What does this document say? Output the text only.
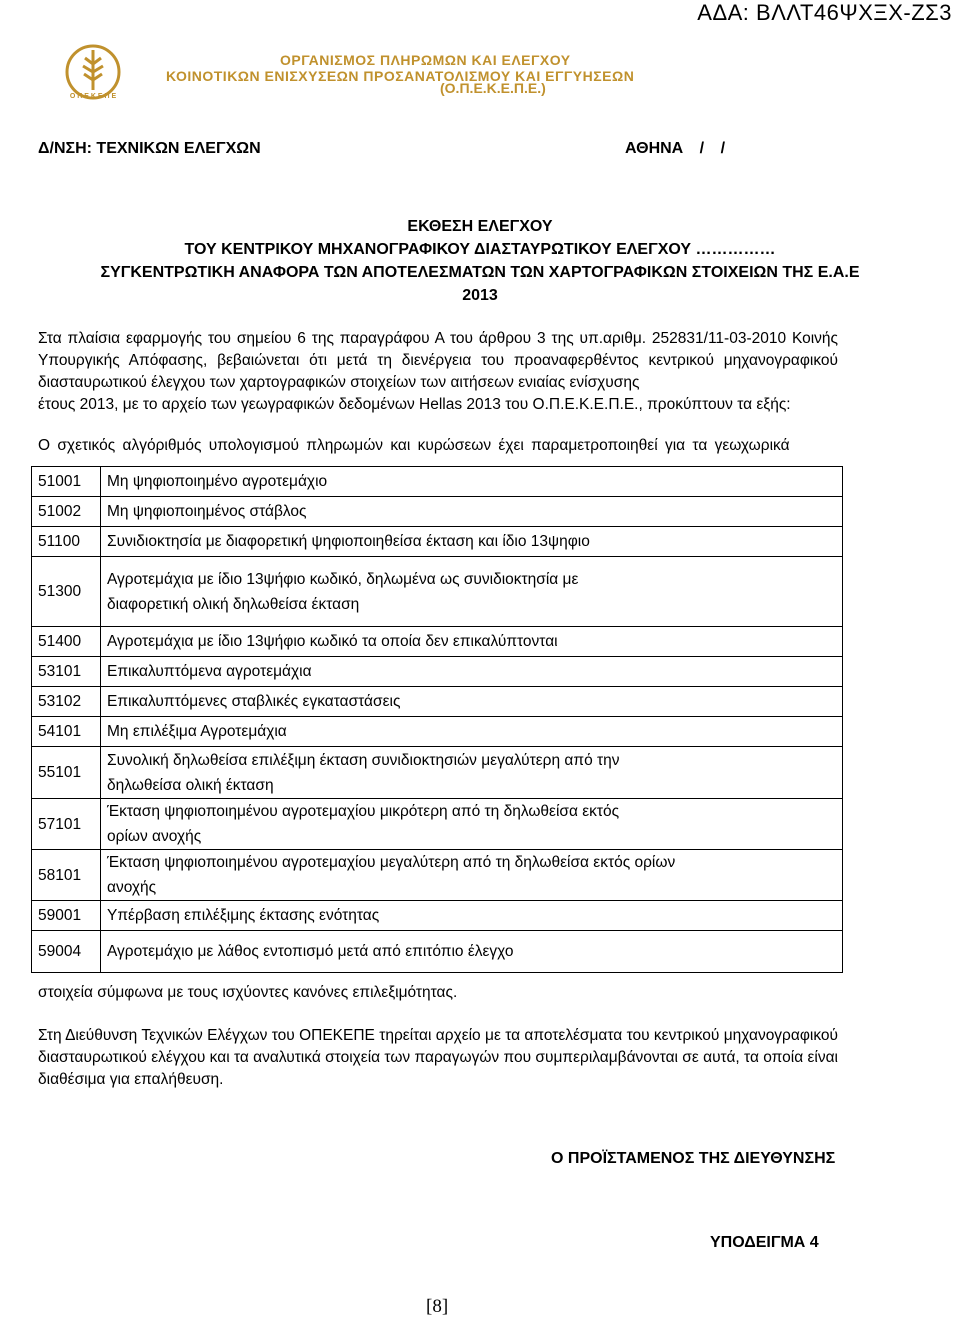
ΑΔΑ: ΒΛΛΤ46ΨΧΞΧ-ΖΣ3
Ο Π Ε Κ Ε Π Ε
ΟΡΓΑΝΙΣΜΟΣ ΠΛΗΡΩΜΩΝ ΚΑΙ ΕΛΕΓΧΟΥ
ΚΟΙΝΟΤΙΚΩΝ ΕΝΙΣΧΥΣΕΩΝ ΠΡΟΣΑΝΑΤΟΛΙΣΜΟΥ ΚΑΙ ΕΓΓΥΗΣΕΩΝ
(Ο.Π.Ε.Κ.Ε.Π.Ε.)
Δ/ΝΣΗ: ΤΕΧΝΙΚΩΝ ΕΛΕΓΧΩΝ	ΑΘΗΝΑ / /
ΕΚΘΕΣΗ ΕΛΕΓΧΟΥ
ΤΟΥ ΚΕΝΤΡΙΚΟΥ ΜΗΧΑΝΟΓΡΑΦΙΚΟΥ ΔΙΑΣΤΑΥΡΩΤΙΚΟΥ ΕΛΕΓΧΟΥ ……………
ΣΥΓΚΕΝΤΡΩΤΙΚΗ ΑΝΑΦΟΡΑ ΤΩΝ ΑΠΟΤΕΛΕΣΜΑΤΩΝ ΤΩΝ ΧΑΡΤΟΓΡΑΦΙΚΩΝ ΣΤΟΙΧΕΙΩΝ ΤΗΣ Ε.Α.Ε
2013
Στα πλαίσια εφαρμογής του σημείου 6 της παραγράφου Α του άρθρου 3 της υπ.αριθμ. 252831/11-03-2010 Κοινής Υπουργικής Απόφασης, βεβαιώνεται ότι μετά τη διενέργεια του προαναφερθέντος κεντρικού μηχανογραφικού διασταυρωτικού έλεγχου των χαρτογραφικών στοιχείων των αιτήσεων ενιαίας ενίσχυσης
έτους 2013, με το αρχείο των γεωγραφικών δεδομένων Hellas 2013 του Ο.Π.Ε.Κ.Ε.Π.Ε., προκύπτουν τα εξής:
Ο σχετικός αλγόριθμός υπολογισμού πληρωμών και κυρώσεων έχει παραμετροποιηθεί για τα γεωχωρικά
51001	Μη ψηφιοποιημένο αγροτεμάχιο
51002	Μη ψηφιοποιημένος στάβλος
51100	Συνιδιοκτησία με διαφορετική ψηφιοποιηθείσα έκταση και ίδιο 13ψηφιο
51300	Αγροτεμάχια με ίδιο 13ψήφιο κωδικό, δηλωμένα ως συνιδιοκτησία με διαφορετική ολική δηλωθείσα έκταση
51400	Αγροτεμάχια με ίδιο 13ψήφιο κωδικό τα οποία δεν επικαλύπτονται
53101	Επικαλυπτόμενα αγροτεμάχια
53102	Επικαλυπτόμενες σταβλικές εγκαταστάσεις
54101	Μη επιλέξιμα Αγροτεμάχια
55101	Συνολική δηλωθείσα επιλέξιμη έκταση συνιδιοκτησιών μεγαλύτερη από την δηλωθείσα ολική έκταση
57101	Έκταση ψηφιοποιημένου αγροτεμαχίου μικρότερη από τη δηλωθείσα εκτός ορίων ανοχής
58101	Έκταση ψηφιοποιημένου αγροτεμαχίου μεγαλύτερη από τη δηλωθείσα εκτός ορίων ανοχής
59001	Υπέρβαση επιλέξιμης έκτασης ενότητας
59004	Αγροτεμάχιο με λάθος εντοπισμό μετά από επιτόπιο έλεγχο
στοιχεία σύμφωνα με τους ισχύοντες κανόνες επιλεξιμότητας.
Στη Διεύθυνση Τεχνικών Ελέγχων του ΟΠΕΚΕΠΕ τηρείται αρχείο με τα αποτελέσματα του κεντρικού μηχανογραφικού διασταυρωτικού ελέγχου και τα αναλυτικά στοιχεία των παραγωγών που συμπεριλαμβάνονται σε αυτά, τα οποία είναι διαθέσιμα για επαλήθευση.
Ο ΠΡΟΪΣΤΑΜΕΝΟΣ ΤΗΣ ΔΙΕΥΘΥΝΣΗΣ
ΥΠΟΔΕΙΓΜΑ 4
[8]
